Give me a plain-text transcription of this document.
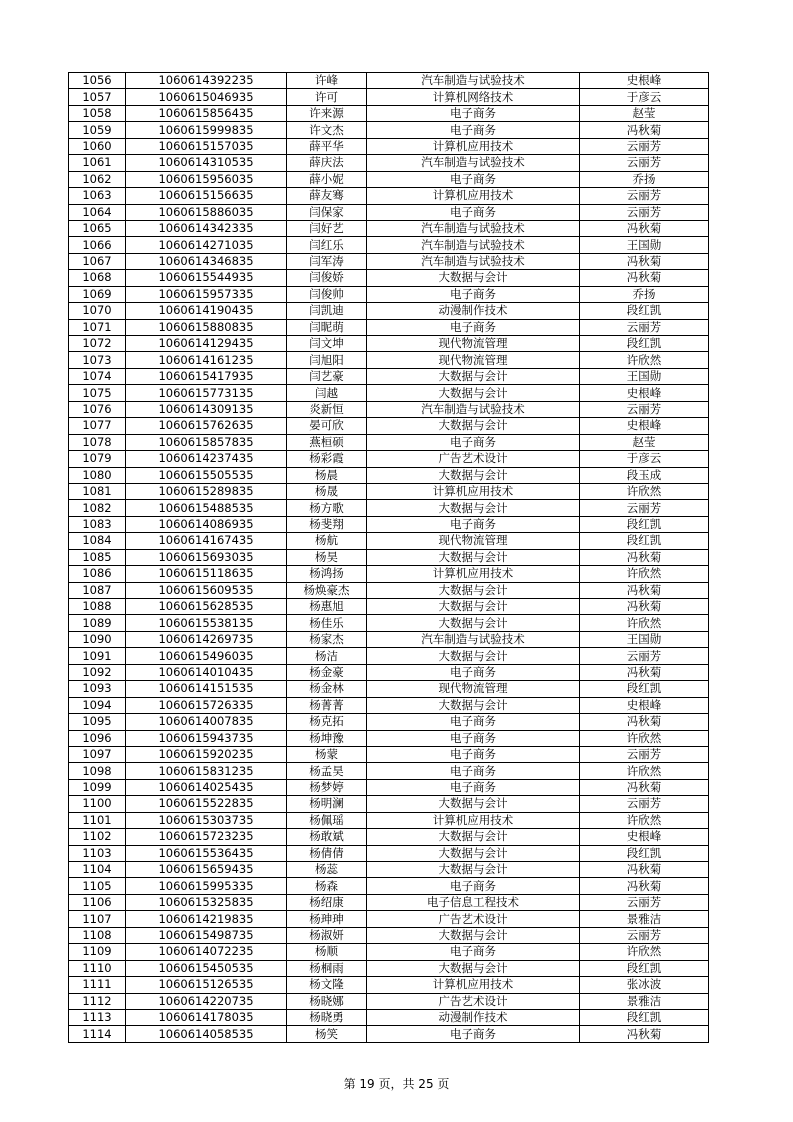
1056	1060614392235	许峰	汽车制造与试验技术	史根峰
1057	1060615046935	许可	计算机网络技术	于彦云
1058	1060615856435	许来源	电子商务	赵莹
1059	1060615999835	许文杰	电子商务	冯秋菊
1060	1060615157035	薛平华	计算机应用技术	云丽芳
1061	1060614310535	薛庆法	汽车制造与试验技术	云丽芳
1062	1060615956035	薛小妮	电子商务	乔扬
1063	1060615156635	薛友骞	计算机应用技术	云丽芳
1064	1060615886035	闫保家	电子商务	云丽芳
1065	1060614342335	闫好艺	汽车制造与试验技术	冯秋菊
1066	1060614271035	闫红乐	汽车制造与试验技术	王国勋
1067	1060614346835	闫军涛	汽车制造与试验技术	冯秋菊
1068	1060615544935	闫俊娇	大数据与会计	冯秋菊
1069	1060615957335	闫俊帅	电子商务	乔扬
1070	1060614190435	闫凯迪	动漫制作技术	段红凯
1071	1060615880835	闫昵萌	电子商务	云丽芳
1072	1060614129435	闫文坤	现代物流管理	段红凯
1073	1060614161235	闫旭阳	现代物流管理	许欣然
1074	1060615417935	闫艺豪	大数据与会计	王国勋
1075	1060615773135	闫越	大数据与会计	史根峰
1076	1060614309135	炎新恒	汽车制造与试验技术	云丽芳
1077	1060615762635	晏可欣	大数据与会计	史根峰
1078	1060615857835	燕桓硕	电子商务	赵莹
1079	1060614237435	杨彩霞	广告艺术设计	于彦云
1080	1060615505535	杨晨	大数据与会计	段玉成
1081	1060615289835	杨晟	计算机应用技术	许欣然
1082	1060615488535	杨方歌	大数据与会计	云丽芳
1083	1060614086935	杨斐翔	电子商务	段红凯
1084	1060614167435	杨航	现代物流管理	段红凯
1085	1060615693035	杨昊	大数据与会计	冯秋菊
1086	1060615118635	杨鸿扬	计算机应用技术	许欣然
1087	1060615609535	杨焕豪杰	大数据与会计	冯秋菊
1088	1060615628535	杨惠旭	大数据与会计	冯秋菊
1089	1060615538135	杨佳乐	大数据与会计	许欣然
1090	1060614269735	杨家杰	汽车制造与试验技术	王国勋
1091	1060615496035	杨洁	大数据与会计	云丽芳
1092	1060614010435	杨金豪	电子商务	冯秋菊
1093	1060614151535	杨金林	现代物流管理	段红凯
1094	1060615726335	杨菁菁	大数据与会计	史根峰
1095	1060614007835	杨克拓	电子商务	冯秋菊
1096	1060615943735	杨坤豫	电子商务	许欣然
1097	1060615920235	杨蒙	电子商务	云丽芳
1098	1060615831235	杨孟昊	电子商务	许欣然
1099	1060614025435	杨梦婷	电子商务	冯秋菊
1100	1060615522835	杨明澜	大数据与会计	云丽芳
1101	1060615303735	杨佩瑶	计算机应用技术	许欣然
1102	1060615723235	杨敢斌	大数据与会计	史根峰
1103	1060615536435	杨倩倩	大数据与会计	段红凯
1104	1060615659435	杨蕊	大数据与会计	冯秋菊
1105	1060615995335	杨森	电子商务	冯秋菊
1106	1060615325835	杨绍康	电子信息工程技术	云丽芳
1107	1060614219835	杨珅珅	广告艺术设计	景雅洁
1108	1060615498735	杨淑妍	大数据与会计	云丽芳
1109	1060614072235	杨顺	电子商务	许欣然
1110	1060615450535	杨桐雨	大数据与会计	段红凯
1111	1060615126535	杨文隆	计算机应用技术	张冰波
1112	1060614220735	杨晓娜	广告艺术设计	景雅洁
1113	1060614178035	杨晓勇	动漫制作技术	段红凯
1114	1060614058535	杨笑	电子商务	冯秋菊
第 19 页，共 25 页
